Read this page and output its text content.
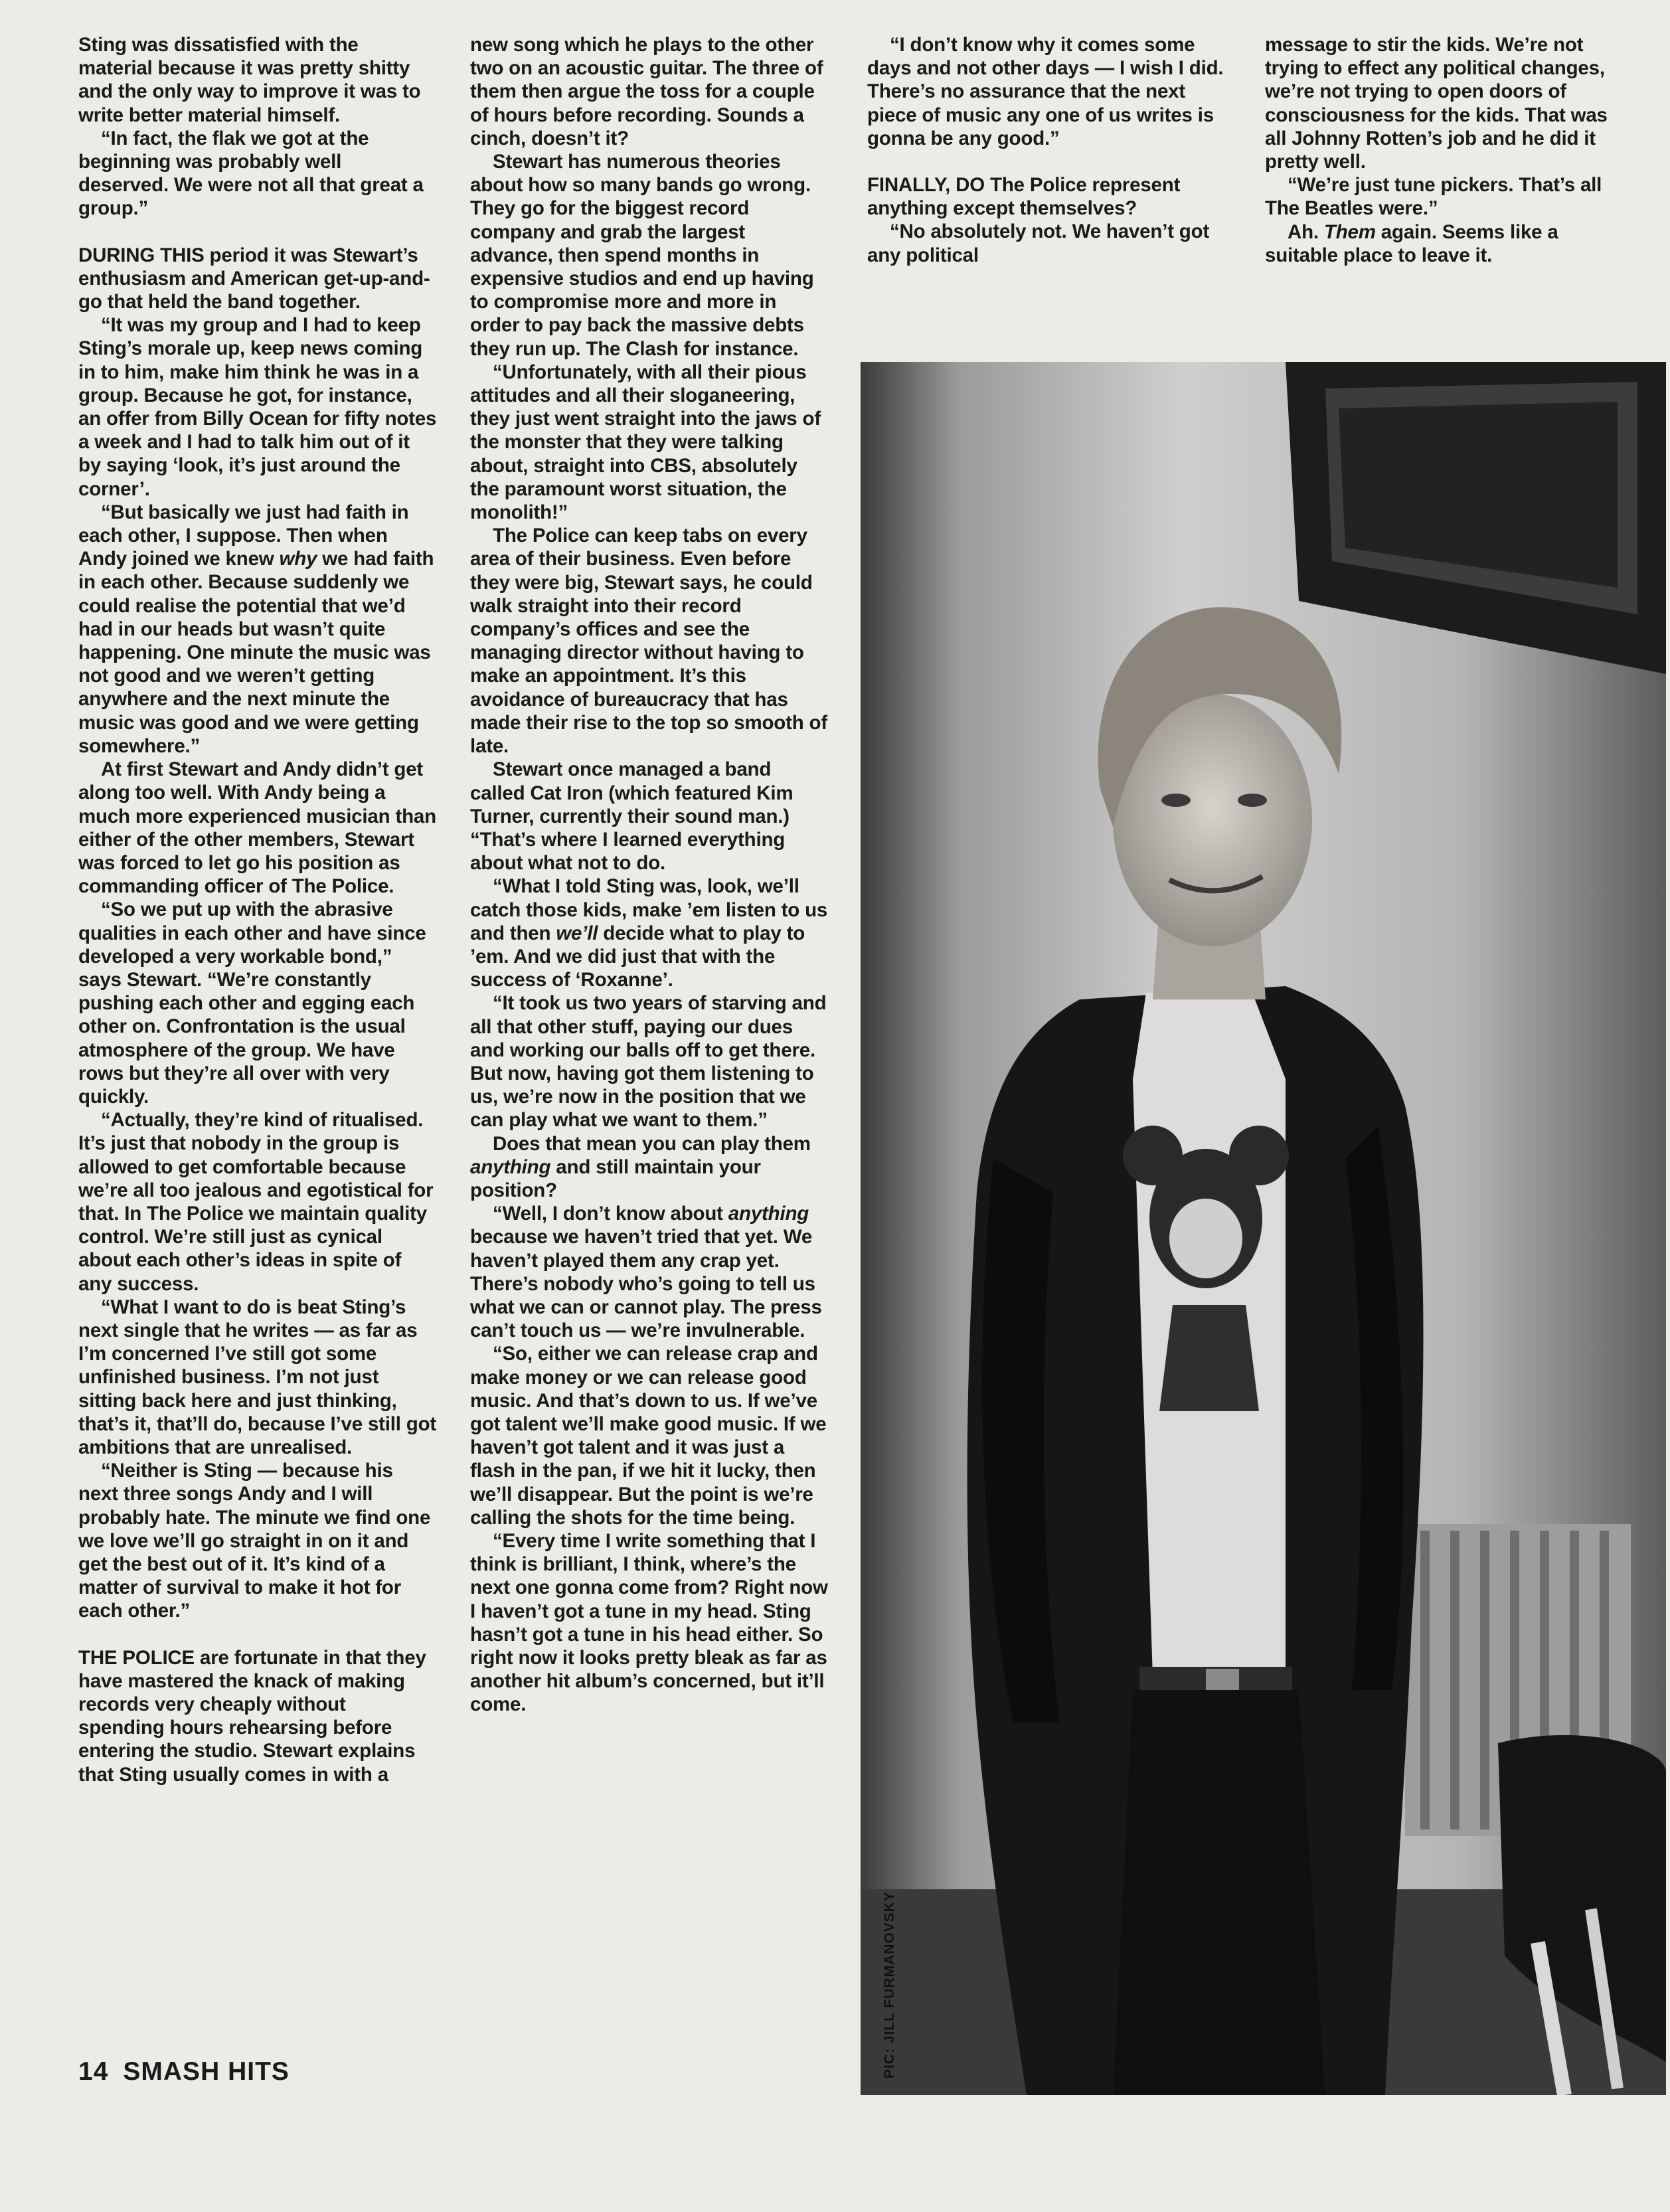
Sting was dissatisfied with the material because it was pretty shitty and the only way to improve it was to write better material himself.

“In fact, the flak we got at the beginning was probably well deserved. We were not all that great a group.”

DURING THIS period it was Stewart’s enthusiasm and American get-up-and-go that held the band together.

“It was my group and I had to keep Sting’s morale up, keep news coming in to him, make him think he was in a group. Because he got, for instance, an offer from Billy Ocean for fifty notes a week and I had to talk him out of it by saying ‘look, it’s just around the corner’.

“But basically we just had faith in each other, I suppose. Then when Andy joined we knew why we had faith in each other. Because suddenly we could realise the potential that we’d had in our heads but wasn’t quite happening. One minute the music was not good and we weren’t getting anywhere and the next minute the music was good and we were getting somewhere.”

At first Stewart and Andy didn’t get along too well. With Andy being a much more experienced musician than either of the other members, Stewart was forced to let go his position as commanding officer of The Police.

“So we put up with the abrasive qualities in each other and have since developed a very workable bond,” says Stewart. “We’re constantly pushing each other and egging each other on. Confrontation is the usual atmosphere of the group. We have rows but they’re all over with very quickly.

“Actually, they’re kind of ritualised. It’s just that nobody in the group is allowed to get comfortable because we’re all too jealous and egotistical for that. In The Police we maintain quality control. We’re still just as cynical about each other’s ideas in spite of any success.

“What I want to do is beat Sting’s next single that he writes — as far as I’m concerned I’ve still got some unfinished business. I’m not just sitting back here and just thinking, that’s it, that’ll do, because I’ve still got ambitions that are unrealised.

“Neither is Sting — because his next three songs Andy and I will probably hate. The minute we find one we love we’ll go straight in on it and get the best out of it. It’s kind of a matter of survival to make it hot for each other.”

THE POLICE are fortunate in that they have mastered the knack of making records very cheaply without spending hours rehearsing before entering the studio. Stewart explains that Sting usually comes in with a

new song which he plays to the other two on an acoustic guitar. The three of them then argue the toss for a couple of hours before recording. Sounds a cinch, doesn’t it?

Stewart has numerous theories about how so many bands go wrong. They go for the biggest record company and grab the largest advance, then spend months in expensive studios and end up having to compromise more and more in order to pay back the massive debts they run up. The Clash for instance.

“Unfortunately, with all their pious attitudes and all their sloganeering, they just went straight into the jaws of the monster that they were talking about, straight into CBS, absolutely the paramount worst situation, the monolith!”

The Police can keep tabs on every area of their business. Even before they were big, Stewart says, he could walk straight into their record company’s offices and see the managing director without having to make an appointment. It’s this avoidance of bureaucracy that has made their rise to the top so smooth of late.

Stewart once managed a band called Cat Iron (which featured Kim Turner, currently their sound man.) “That’s where I learned everything about what not to do.

“What I told Sting was, look, we’ll catch those kids, make ’em listen to us and then we’ll decide what to play to ’em. And we did just that with the success of ‘Roxanne’.

“It took us two years of starving and all that other stuff, paying our dues and working our balls off to get there. But now, having got them listening to us, we’re now in the position that we can play what we want to them.”

Does that mean you can play them anything and still maintain your position?

“Well, I don’t know about anything because we haven’t tried that yet. We haven’t played them any crap yet. There’s nobody who’s going to tell us what we can or cannot play. The press can’t touch us — we’re invulnerable.

“So, either we can release crap and make money or we can release good music. And that’s down to us. If we’ve got talent we’ll make good music. If we haven’t got talent and it was just a flash in the pan, if we hit it lucky, then we’ll disappear. But the point is we’re calling the shots for the time being.

“Every time I write something that I think is brilliant, I think, where’s the next one gonna come from? Right now I haven’t got a tune in my head. Sting hasn’t got a tune in his head either. So right now it looks pretty bleak as far as another hit album’s concerned, but it’ll come.

“I don’t know why it comes some days and not other days — I wish I did. There’s no assurance that the next piece of music any one of us writes is gonna be any good.”

FINALLY, DO The Police represent anything except themselves?

“No absolutely not. We haven’t got any political

message to stir the kids. We’re not trying to effect any political changes, we’re not trying to open doors of consciousness for the kids. That was all Johnny Rotten’s job and he did it pretty well.

“We’re just tune pickers. That’s all The Beatles were.”

Ah. Them again. Seems like a suitable place to leave it.

PIC: JILL FURMANOVSKY
14 SMASH HITS
